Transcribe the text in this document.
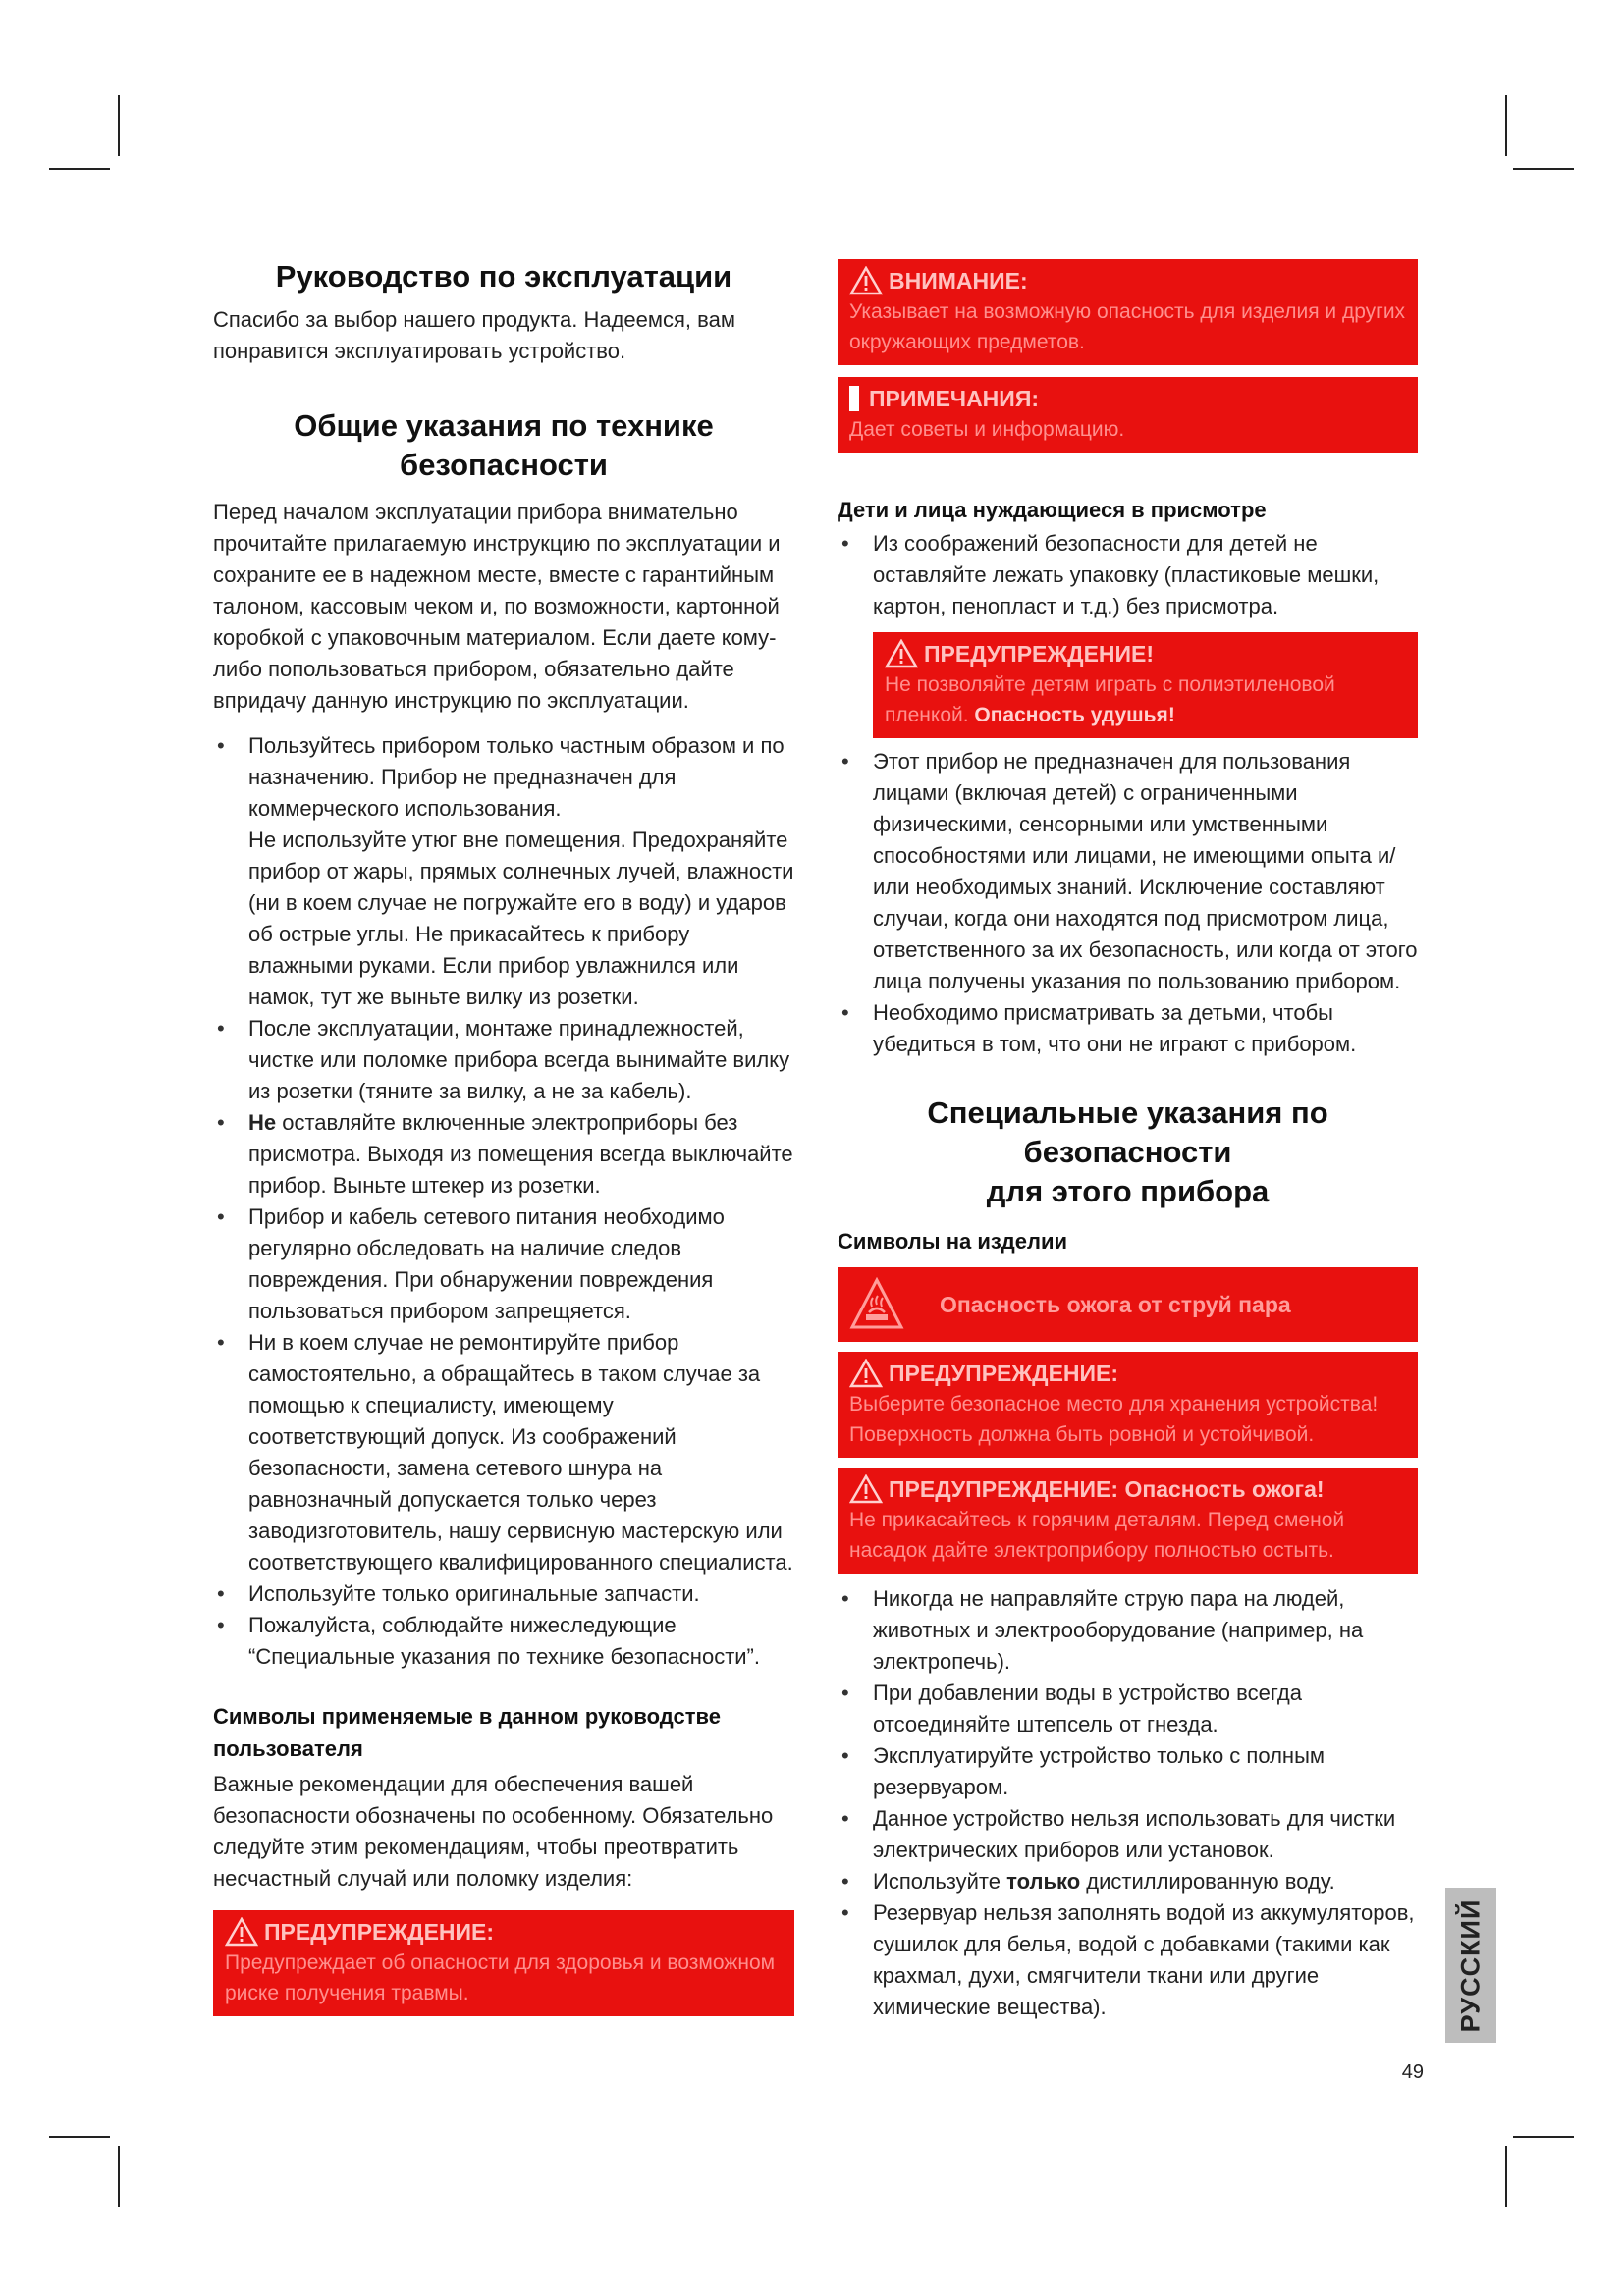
Руководство по эксплуатации

Спасибо за выбор нашего продукта. Надеемся, вам понравится эксплуатировать устройство.

Общие указания по технике безопасности

Перед началом эксплуатации прибора внимательно прочитайте прилагаемую инструкцию по эксплуатации и сохраните ее в надежном месте, вместе с гарантийным талоном, кассовым чеком и, по возможности, картонной коробкой с упаковочным материалом. Если даете кому-либо попользоваться прибором, обязательно дайте впридачу данную инструкцию по эксплуатации.

• Пользуйтесь прибором только частным образом и по назначению. Прибор не предназначен для коммерческого использования.
Не используйте утюг вне помещения. Предохраняйте прибор от жары, прямых солнечных лучей, влажности (ни в коем случае не погружайте его в воду) и ударов об острые углы. Не прикасайтесь к прибору влажными руками. Если прибор увлажнился или намок, тут же выньте вилку из розетки.
• После эксплуатации, монтаже принадлежностей, чистке или поломке прибора всегда вынимайте вилку из розетки (тяните за вилку, а не за кабель).
• Не оставляйте включенные электроприборы без присмотра. Выходя из помещения всегда выключайте прибор. Выньте штекер из розетки.
• Прибор и кабель сетевого питания необходимо регулярно обследовать на наличие следов повреждения. При обнаружении повреждения пользоваться прибором запрещяется.
• Ни в коем случае не ремонтируйте прибор самостоятельно, а обращайтесь в таком случае за помощью к специалисту, имеющему соответствующий допуск. Из соображений безопасности, замена сетевого шнура на равнозначный допускается только через заводизготовитель, нашу сервисную мастерскую или соответствующего квалифицированного специалиста.
• Используйте только оригинальные запчасти.
• Пожалуйста, соблюдайте нижеследующие “Специальные указания по технике безопасности”.
Символы применяемые в данном руководстве пользователя

Важные рекомендации для обеспечения вашей безопасности обозначены по особенному. Обязательно следуйте этим рекомендациям, чтобы преотвратить несчастный случай или поломку изделия:

ПРЕДУПРЕЖДЕНИЕ:
Предупреждает об опасности для здоровья и возможном риске получения травмы.
ВНИМАНИЕ:
Указывает на возможную опасность для изделия и других окружающих предметов.
ПРИМЕЧАНИЯ:
Дает советы и информацию.
Дети и лица нуждающиеся в присмотре
• Из соображений безопасности для детей не оставляйте лежать упаковку (пластиковые мешки, картон, пенопласт и т.д.) без присмотра.
ПРЕДУПРЕЖДЕНИЕ!
Не позволяйте детям играть с полиэтиленовой пленкой. Опасность удушья!
• Этот прибор не предназначен для пользования лицами (включая детей) с ограниченными физическими, сенсорными или умственными способностями или лицами, не имеющими опыта и/или необходимых знаний. Исключение составляют случаи, когда они находятся под присмотром лица, ответственного за их безопасность, или когда от этого лица получены указания по пользованию прибором.
• Необходимо присматривать за детьми, чтобы убедиться в том, что они не играют с прибором.
Специальные указания по безопасности
для этого прибора
Символы на изделии
Опасность ожога от струй пара
ПРЕДУПРЕЖДЕНИЕ:
Выберите безопасное место для хранения устройства! Поверхность должна быть ровной и устойчивой.
ПРЕДУПРЕЖДЕНИЕ: Опасность ожога!
Не прикасайтесь к горячим деталям. Перед сменой насадок дайте электроприбору полностью остыть.
• Никогда не направляйте струю пара на людей, животных и электрооборудование (например, на электропечь).
• При добавлении воды в устройство всегда отсоединяйте штепсель от гнезда.
• Эксплуатируйте устройство только с полным резервуаром.
• Данное устройство нельзя использовать для чистки электрических приборов или установок.
• Используйте только дистиллированную воду.
• Резервуар нельзя заполнять водой из аккумуляторов, сушилок для белья, водой с добавками (такими как крахмал, духи, смягчители ткани или другие химические вещества).	РУССКИЙ
49
